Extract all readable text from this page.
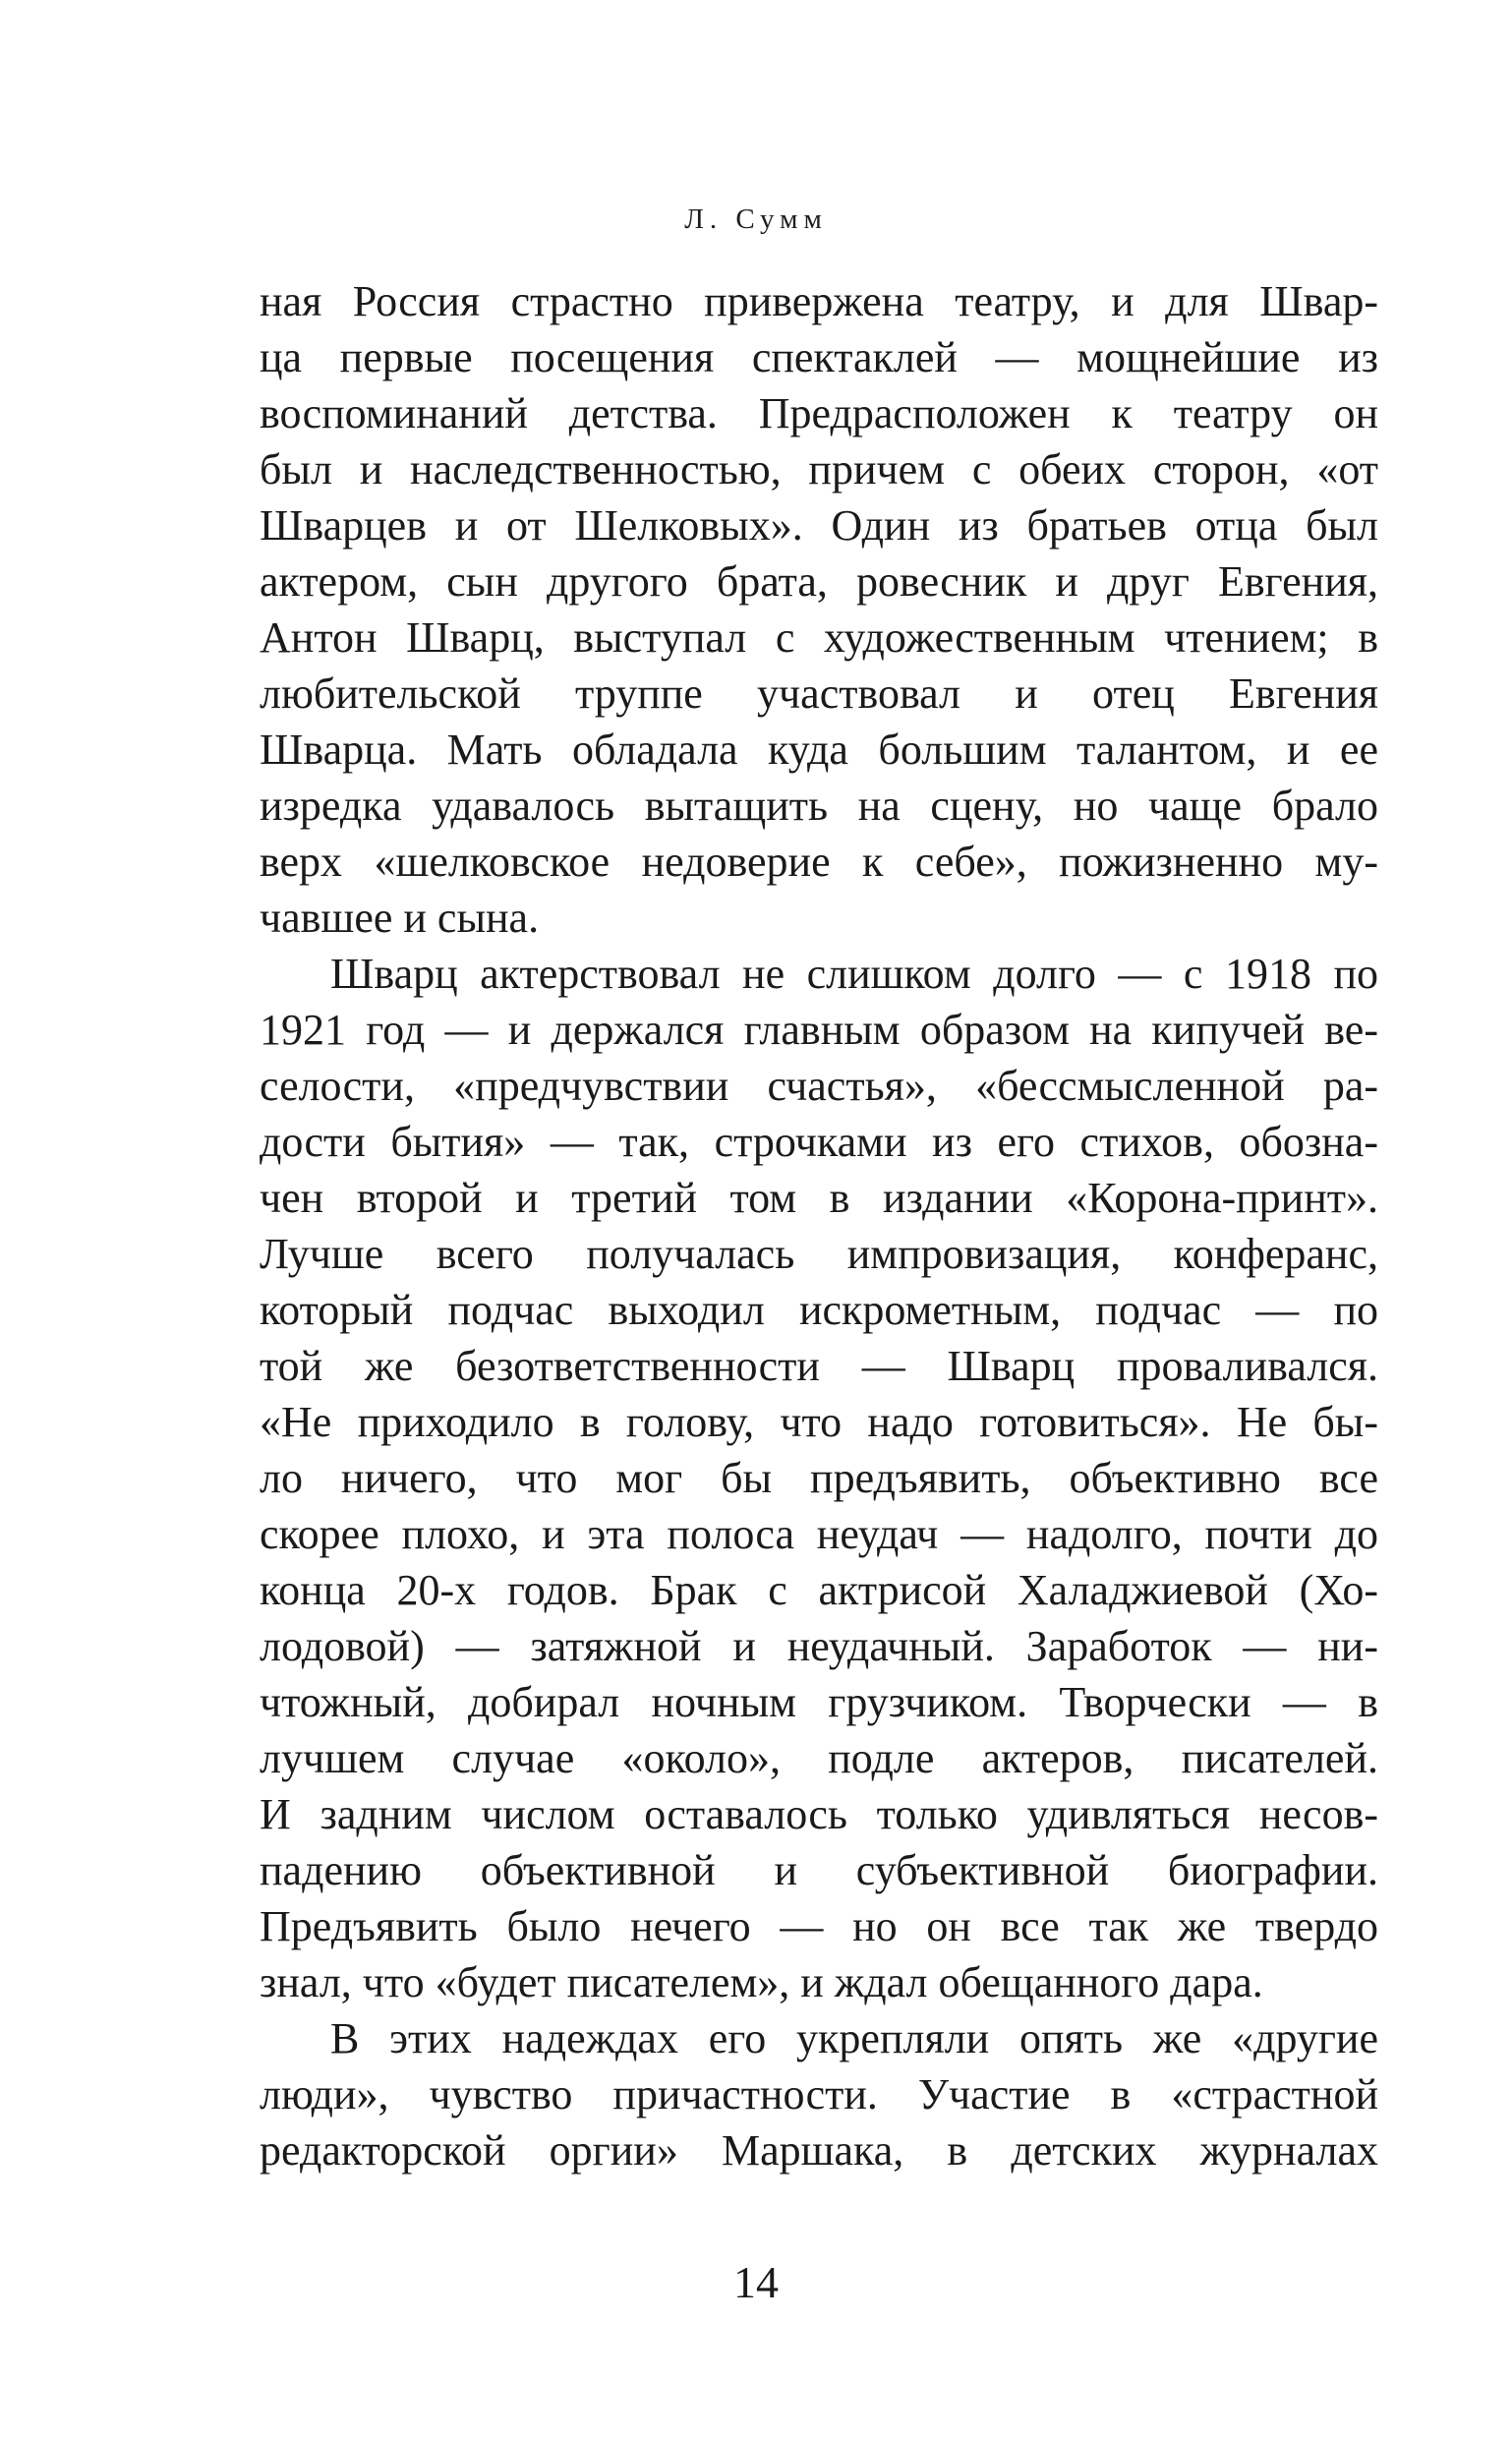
Л. Сумм
ная Россия страстно привержена театру, и для Швар-
ца первые посещения спектаклей — мощнейшие из
воспоминаний детства. Предрасположен к театру он
был и наследственностью, причем с обеих сторон, «от
Шварцев и от Шелковых». Один из братьев отца был
актером, сын другого брата, ровесник и друг Евгения,
Антон Шварц, выступал с художественным чтением; в
любительской труппе участвовал и отец Евгения
Шварца. Мать обладала куда большим талантом, и ее
изредка удавалось вытащить на сцену, но чаще брало
верх «шелковское недоверие к себе», пожизненно му-
чавшее и сына.
Шварц актерствовал не слишком долго — с 1918 по
1921 год — и держался главным образом на кипучей ве-
селости, «предчувствии счастья», «бессмысленной ра-
дости бытия» — так, строчками из его стихов, обозна-
чен второй и третий том в издании «Корона-принт».
Лучше всего получалась импровизация, конферанс,
который подчас выходил искрометным, подчас — по
той же безответственности — Шварц проваливался.
«Не приходило в голову, что надо готовиться». Не бы-
ло ничего, что мог бы предъявить, объективно все
скорее плохо, и эта полоса неудач — надолго, почти до
конца 20-х годов. Брак с актрисой Халаджиевой (Хо-
лодовой) — затяжной и неудачный. Заработок — ни-
чтожный, добирал ночным грузчиком. Творчески — в
лучшем случае «около», подле актеров, писателей.
И задним числом оставалось только удивляться несов-
падению объективной и субъективной биографии.
Предъявить было нечего — но он все так же твердо
знал, что «будет писателем», и ждал обещанного дара.
В этих надеждах его укрепляли опять же «другие
люди», чувство причастности. Участие в «страстной
редакторской оргии» Маршака, в детских журналах
14
